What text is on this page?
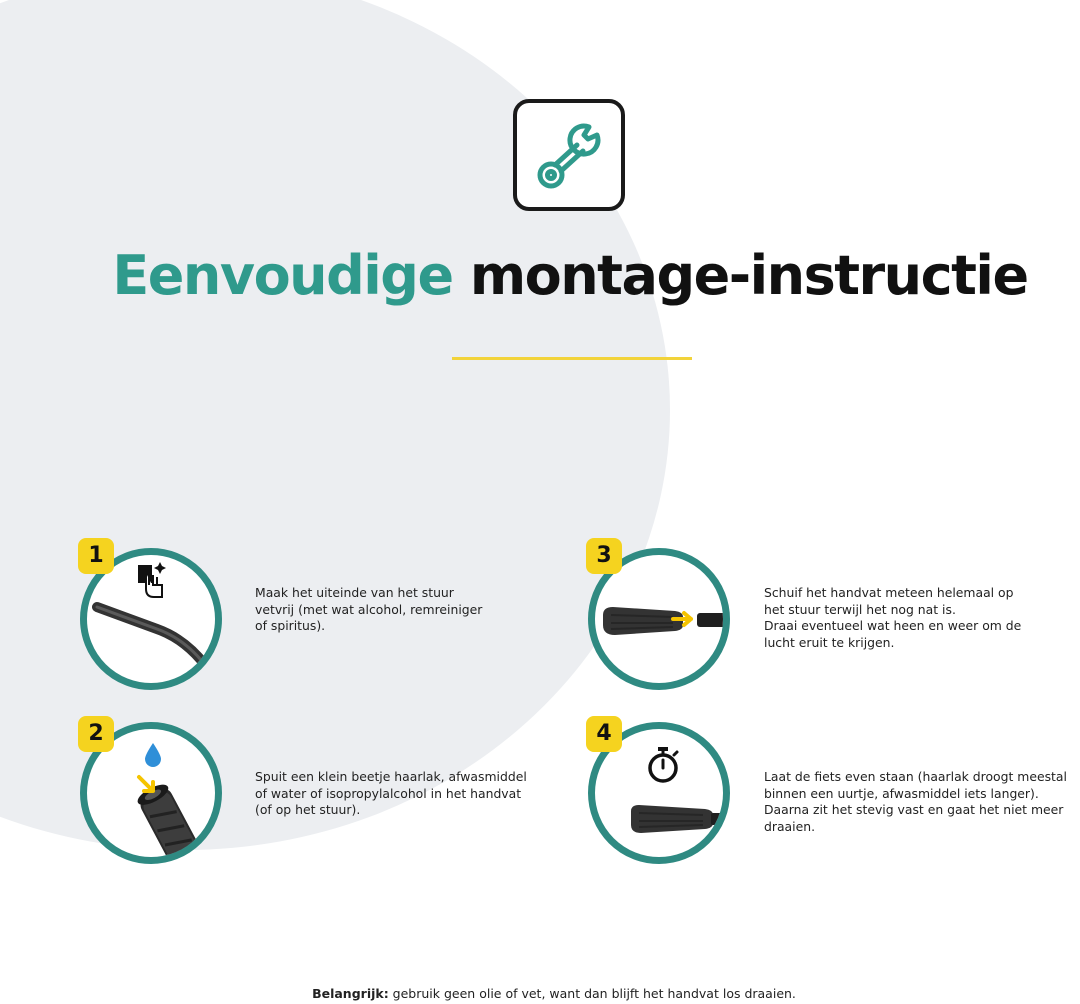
Eenvoudige montage-instructie
1

Maak het uiteinde van het stuur
vetvrij (met wat alcohol, remreiniger
of spiritus).

2

Spuit een klein beetje haarlak, afwasmiddel
of water of isopropylalcohol in het handvat
(of op het stuur).

3

Schuif het handvat meteen helemaal op
het stuur terwijl het nog nat is.
Draai eventueel wat heen en weer om de
lucht eruit te krijgen.

4

Laat de fiets even staan (haarlak droogt meestal
binnen een uurtje, afwasmiddel iets langer).
Daarna zit het stevig vast en gaat het niet meer
draaien.

Belangrijk: gebruik geen olie of vet, want dan blijft het handvat los draaien.
